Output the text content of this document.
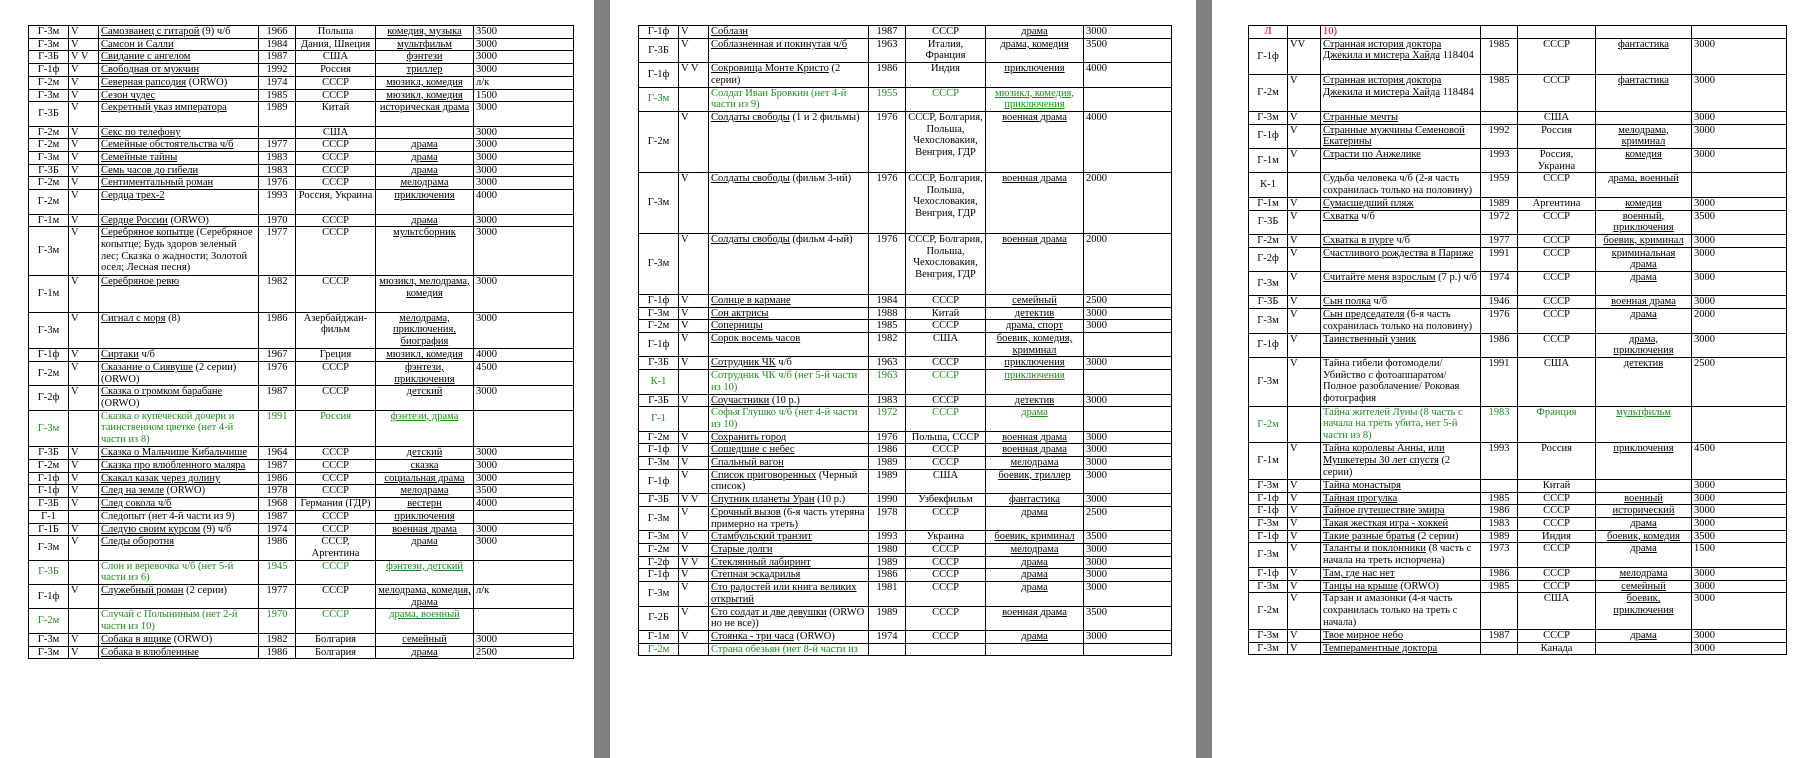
Г-3м	V	Самозванец с гитарой (9) ч/б	1966	Польша	комедия, музыка	3500
Г-3м	V	Самсон и Салли	1984	Дания, Швеция	мультфильм	3000
Г-3Б	V V	Свидание с ангелом	1987	США	фэнтези	3000
Г-1ф	V	Свободная от мужчин	1992	Россия	триллер	3000
Г-2м	V	Северная рапсодия (ORWO)	1974	СССР	мюзикл, комедия	л/к
Г-3м	V	Сезон чудес	1985	СССР	мюзикл, комедия	1500
Г-3Б	V	Секретный указ императора	1989	Китай	историческая драма	3000
Г-2м	V	Секс по телефону		США		3000
Г-2м	V	Семейные обстоятельства ч/б	1977	СССР	драма	3000
Г-3м	V	Семейные тайны	1983	СССР	драма	3000
Г-3Б	V	Семь часов до гибели	1983	СССР	драма	3000
Г-2м	V	Сентиментальный роман	1976	СССР	мелодрама	3000
Г-2м	V	Сердца трех-2	1993	Россия, Украина	приключения	4000
Г-1м	V	Сердце России (ORWO)	1970	СССР	драма	3000
Г-3м	V	Серебряное копытце (Серебряное копытце; Будь здоров зеленый лес; Сказка о жадности; Золотой осел; Лесная песня)	1977	СССР	мультсборник	3000
Г-1м	V	Серебряное ревю	1982	СССР	мюзикл, мелодрама, комедия	3000
Г-3м	V	Сигнал с моря (8)	1986	Азербайджан-фильм	мелодрама, приключения, биография	3000
Г-1ф	V	Сиртаки ч/б	1967	Греция	мюзикл, комедия	4000
Г-2м	V	Сказание о Сиявуше (2 серии) (ORWO)	1976	СССР	фэнтези, приключения	4500
Г-2ф	V	Сказка о громком барабане (ORWO)	1987	СССР	детский	3000
Г-3м		Сказка о купеческой дочери и таинственном цветке (нет 4-й части из 8)	1991	Россия	фэнтези, драма	
Г-3Б	V	Сказка о Мальчише Кибальчише	1964	СССР	детский	3000
Г-2м	V	Сказка про влюбленного маляра	1987	СССР	сказка	3000
Г-1ф	V	Скакал казак через долину	1986	СССР	социальная драма	3000
Г-1ф	V	След на земле (ORWO)	1978	СССР	мелодрама	3500
Г-3Б	V	След сокола ч/б	1968	Германия (ГДР)	вестерн	4000
Г-1		Следопыт (нет 4-й части из 9)	1987	СССР	приключения	
Г-1Б	V	Следую своим курсом (9) ч/б	1974	СССР	военная драма	3000
Г-3м	V	Следы оборотня	1986	СССР, Аргентина	драма	3000
Г-3Б		Слон и веревочка ч/б (нет 5-й части из 6)	1945	СССР	фэнтези, детский	
Г-1ф	V	Служебный роман (2 серии)	1977	СССР	мелодрама, комедия, драма	л/к
Г-2м		Случай с Полыниным (нет 2-й части из 10)	1970	СССР	драма, военный	
Г-3м	V	Собака в ящике (ORWO)	1982	Болгария	семейный	3000
Г-3м	V	Собака в влюбленные	1986	Болгария	драма	2500
Г-1ф	V	Соблазн	1987	СССР	драма	3000
Г-3Б	V	Соблазненная и покинутая ч/б	1963	Италия, Франция	драма, комедия	3500
Г-1ф	V V	Сокровища Монте Кристо (2 серии)	1986	Индия	приключения	4000
Г-3м		Солдат Иван Бровкин (нет 4-й части из 9)	1955	СССР	мюзикл, комедия, приключения	
Г-2м	V	Солдаты свободы (1 и 2 фильмы)	1976	СССР, Болгария, Польша, Чехословакия, Венгрия, ГДР	военная драма	4000
Г-3м	V	Солдаты свободы (фильм 3-ий)	1976	СССР, Болгария, Польша, Чехословакия, Венгрия, ГДР	военная драма	2000
Г-3м	V	Солдаты свободы (фильм 4-ый)	1976	СССР, Болгария, Польша, Чехословакия, Венгрия, ГДР	военная драма	2000
Г-1ф	V	Солнце в кармане	1984	СССР	семейный	2500
Г-3м	V	Сон актрисы	1988	Китай	детектив	3000
Г-2м	V	Соперницы	1985	СССР	драма, спорт	3000
Г-1ф	V	Сорок восемь часов	1982	США	боевик, комедия, криминал	
Г-3Б	V	Сотрудник ЧК ч/б	1963	СССР	приключения	3000
К-1		Сотрудник ЧК ч/б (нет 5-й части из 10)	1963	СССР	приключения	
Г-3Б	V	Соучастники (10 р.)	1983	СССР	детектив	3000
Г-1		Софья Глушко ч/б (нет 4-й части из 10)	1972	СССР	драма	
Г-2м	V	Сохранить город	1976	Польша, СССР	военная драма	3000
Г-1ф	V	Сошедшие с небес	1986	СССР	военная драма	3000
Г-3м	V	Спальный вагон	1989	СССР	мелодрама	3000
Г-1ф	V	Список приговоренных (Черный список)	1989	США	боевик, триллер	3000
Г-3Б	V V	Спутник планеты Уран (10 р.)	1990	Узбекфильм	фантастика	3000
Г-3м	V	Срочный вызов (6-я часть утеряна примерно на треть)	1978	СССР	драма	2500
Г-3м	V	Стамбульский транзит	1993	Украина	боевик, криминал	3500
Г-2м	V	Старые долги	1980	СССР	мелодрама	3000
Г-2ф	V V	Стеклянный лабиринт	1989	СССР	драма	3000
Г-1ф	V	Степная эскадрилья	1986	СССР	драма	3000
Г-3м	V	Сто радостей или книга великих открытий	1981	СССР	драма	3000
Г-2Б	V	Сто солдат и две девушки (ORWO но не все))	1989	СССР	военная драма	3500
Г-1м	V	Стоянка - три часа (ORWO)	1974	СССР	драма	3000
Г-2м		Страна обезьян (нет 8-й части из				
Л		10)				
Г-1ф	VV	Странная история доктора Джекила и мистера Хайда 118404	1985	СССР	фантастика	3000
Г-2м	V	Странная история доктора Джекила и мистера Хайда 118484	1985	СССР	фантастика	3000
Г-3м	V	Странные мечты		США		3000
Г-1ф	V	Странные мужчины Семеновой Екатерины	1992	Россия	мелодрама, криминал	3000
Г-1м	V	Страсти по Анжелике	1993	Россия, Украина	комедия	3000
К-1		Судьба человека ч/б (2-я часть сохранилась только на половину)	1959	СССР	драма, военный	
Г-1м	V	Сумасшедший пляж	1989	Аргентина	комедия	3000
Г-3Б	V	Схватка ч/б	1972	СССР	военный, приключения	3500
Г-2м	V	Схватка в пурге ч/б	1977	СССР	боевик, криминал	3000
Г-2ф	V	Счастливого рождества в Париже	1991	СССР	криминальная драма	3000
Г-3м	V	Считайте меня взрослым (7 р.) ч/б	1974	СССР	драма	3000
Г-3Б	V	Сын полка ч/б	1946	СССР	военная драма	3000
Г-3м	V	Сын председателя (6-я часть сохранилась только на половину)	1976	СССР	драма	2000
Г-1ф	V	Таинственный узник	1986	СССР	драма, приключения	3000
Г-3м	V	Тайна гибели фотомодели/ Убийство с фотоаппаратом/ Полное разоблачение/ Роковая фотография	1991	США	детектив	2500
Г-2м		Тайна жителей Луны (8 часть с начала на треть убита, нет 5-й части из 8)	1983	Франция	мультфильм	
Г-1м	V	Тайна королевы Анны, или Мушкетеры 30 лет спустя (2 серии)	1993	Россия	приключения	4500
Г-3м	V	Тайна монастыря		Китай		3000
Г-1ф	V	Тайная прогулка	1985	СССР	военный	3000
Г-1ф	V	Тайное путешествие эмира	1986	СССР	исторический	3000
Г-3м	V	Такая жесткая игра - хоккей	1983	СССР	драма	3000
Г-1ф	V	Такие разные братья (2 серии)	1989	Индия	боевик, комедия	3500
Г-3м	V	Таланты и поклонники (8 часть с начала на треть испорчена)	1973	СССР	драма	1500
Г-1ф	V	Там, где нас нет	1986	СССР	мелодрама	3000
Г-3м	V	Танцы на крыше (ORWO)	1985	СССР	семейный	3000
Г-2м	V	Тарзан и амазонки (4-я часть сохранилась только на треть с начала)		США	боевик, приключения	3000
Г-3м	V	Твое мирное небо	1987	СССР	драма	3000
Г-3м	V	Темпераментные доктора		Канада		3000
